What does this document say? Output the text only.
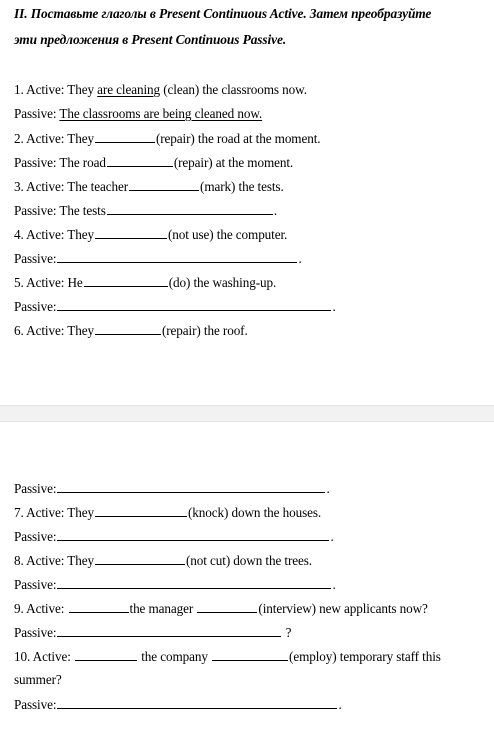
II. Поставьте глаголы в Present Continuous Active. Затем преобразуйте
эти предложения в Present Continuous Passive.
1. Active: They are cleaning (clean) the classrooms now.
Passive: The classrooms are being cleaned now.
2. Active: They	(repair) the road at the moment.
Passive: The road	(repair) at the moment.
3. Active: The teacher	(mark) the tests.
Passive: The tests	.
4. Active: They	(not use) the computer.
Passive:	.
5. Active: He	(do) the washing-up.
Passive:	.
6. Active: They	(repair) the roof.
Passive:	.
7. Active: They	(knock) down the houses.
Passive:	.
8. Active: They	(not cut) down the trees.
Passive:	.
9. Active:	the manager	(interview) new applicants now?
Passive:	?
10. Active:	the company	(employ) temporary staff this
summer?
Passive:	.
